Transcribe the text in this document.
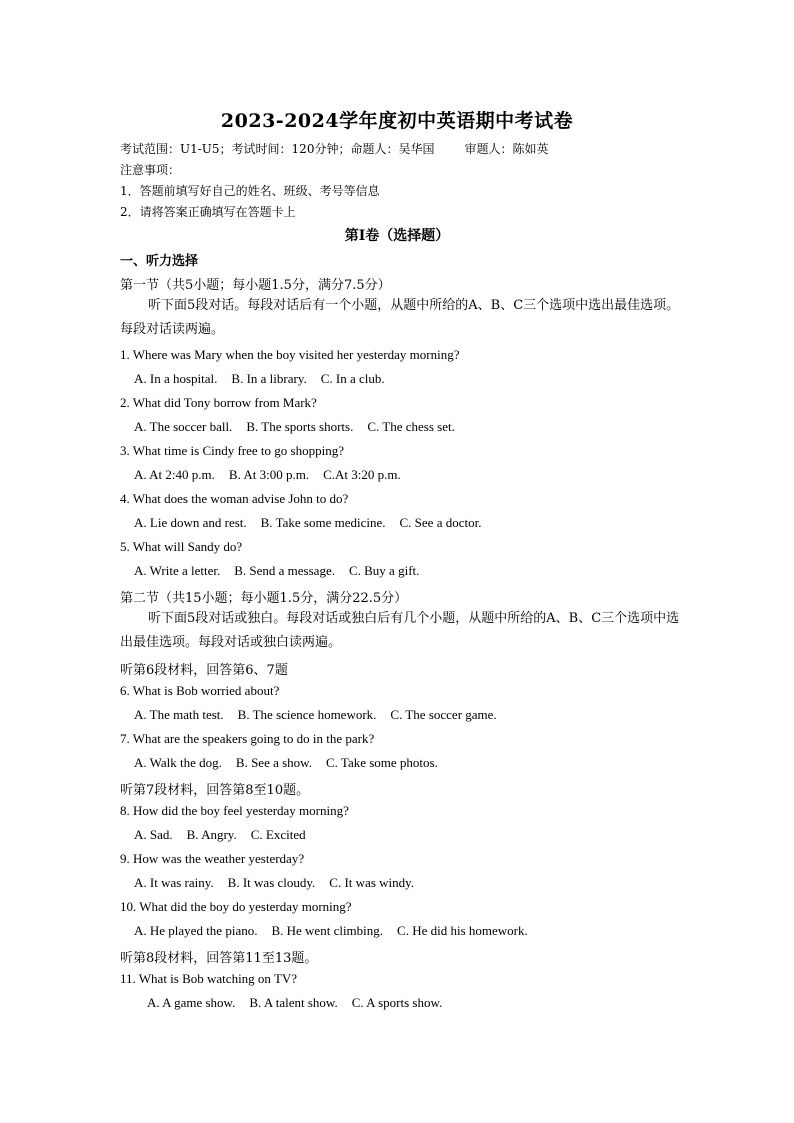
2023-2024学年度初中英语期中考试卷
考试范围：U1-U5；考试时间：120分钟；命题人：吴华国	审题人：陈如英
注意事项：
1．答题前填写好自己的姓名、班级、考号等信息
2．请将答案正确填写在答题卡上
第I卷（选择题）
一、听力选择
第一节（共5小题；每小题1.5分，满分7.5分）
听下面5段对话。每段对话后有一个小题，从题中所给的A、B、C三个选项中选出最佳选项。每段对话读两遍。
1. Where was Mary when the boy visited her yesterday morning?
A. In a hospital. B. In a library. C. In a club.
2. What did Tony borrow from Mark?
A. The soccer ball. B. The sports shorts. C. The chess set.
3. What time is Cindy free to go shopping?
A. At 2:40 p.m. B. At 3:00 p.m. C.At 3:20 p.m.
4. What does the woman advise John to do?
A. Lie down and rest. B. Take some medicine. C. See a doctor.
5. What will Sandy do?
A. Write a letter. B. Send a message. C. Buy a gift.
第二节（共15小题；每小题1.5分，满分22.5分）
听下面5段对话或独白。每段对话或独白后有几个小题，从题中所给的A、B、C三个选项中选出最佳选项。每段对话或独白读两遍。
听第6段材料，回答第6、7题
6. What is Bob worried about?
A. The math test. B. The science homework. C. The soccer game.
7. What are the speakers going to do in the park?
A. Walk the dog. B. See a show. C. Take some photos.
听第7段材料，回答第8至10题。
8. How did the boy feel yesterday morning?
A. Sad. B. Angry. C. Excited
9. How was the weather yesterday?
A. It was rainy. B. It was cloudy. C. It was windy.
10. What did the boy do yesterday morning?
A. He played the piano. B. He went climbing. C. He did his homework.
听第8段材料，回答第11至13题。
11. What is Bob watching on TV?
A. A game show. B. A talent show. C. A sports show.
